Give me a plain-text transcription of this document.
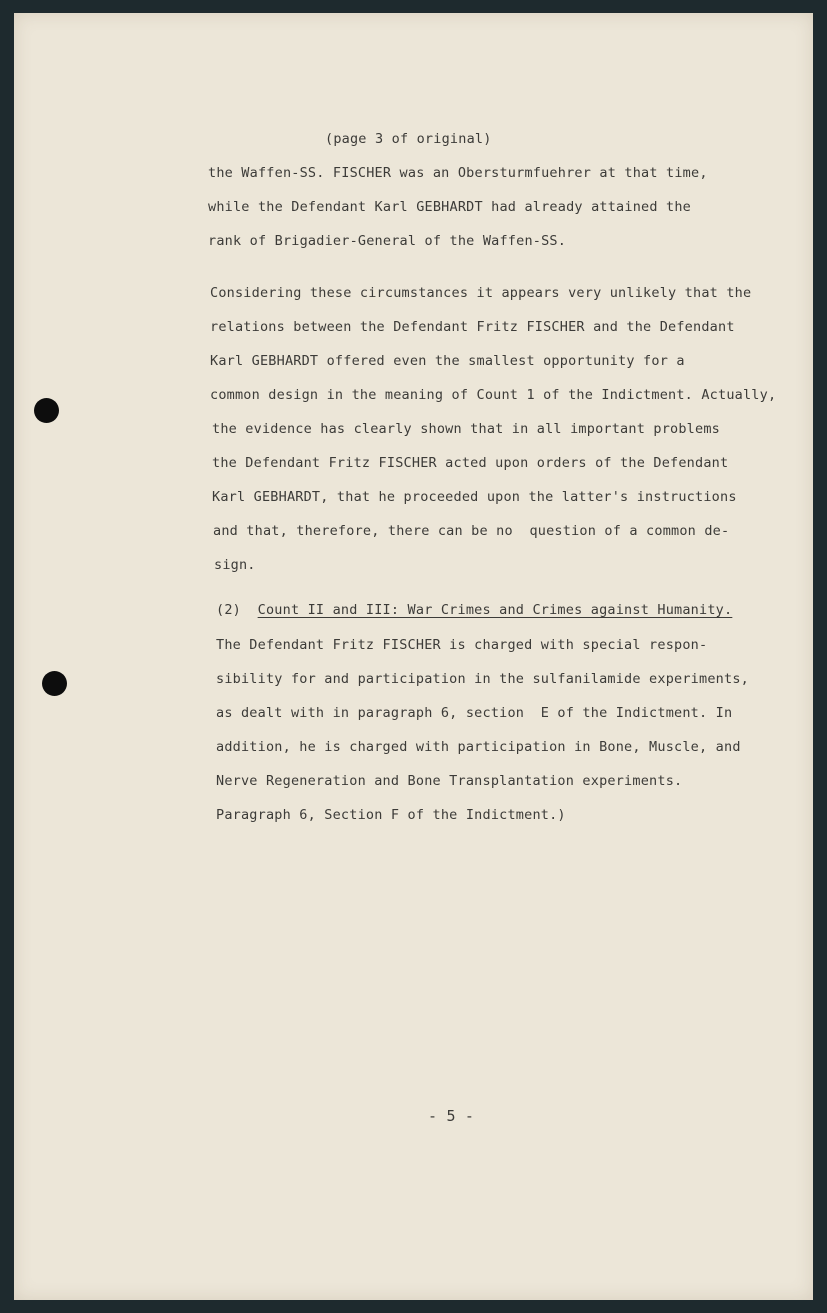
(page 3 of original)

the Waffen-SS. FISCHER was an Obersturmfuehrer at that time,

while the Defendant Karl GEBHARDT had already attained the

rank of Brigadier-General of the Waffen-SS.

Considering these circumstances it appears very unlikely that the

relations between the Defendant Fritz FISCHER and the Defendant

Karl GEBHARDT offered even the smallest opportunity for a

common design in the meaning of Count 1 of the Indictment. Actually,

the evidence has clearly shown that in all important problems

the Defendant Fritz FISCHER acted upon orders of the Defendant

Karl GEBHARDT, that he proceeded upon the latter's instructions

and that, therefore, there can be no  question of a common de-

sign.

(2) Count II and III: War Crimes and Crimes against Humanity.

The Defendant Fritz FISCHER is charged with special respon-

sibility for and participation in the sulfanilamide experiments,

as dealt with in paragraph 6, section  E of the Indictment. In

addition, he is charged with participation in Bone, Muscle, and

Nerve Regeneration and Bone Transplantation experiments.

Paragraph 6, Section F of the Indictment.)

- 5 -
